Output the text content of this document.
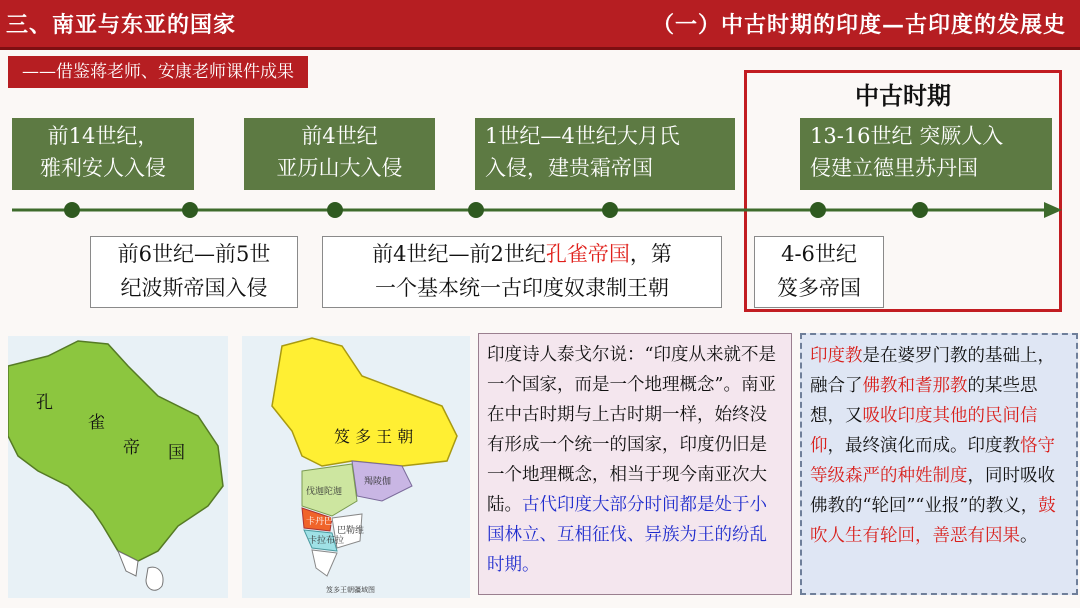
三、南亚与东亚的国家	（一）中古时期的印度—古印度的发展史
——借鉴蒋老师、安康老师课件成果
中古时期
前14世纪，
雅利安人入侵
前4世纪
亚历山大入侵
1世纪—4世纪大月氏
入侵，建贵霜帝国
13-16世纪 突厥人入
侵建立德里苏丹国
前6世纪—前5世
纪波斯帝国入侵
前4世纪—前2世纪孔雀帝国，第
一个基本统一古印度奴隶制王朝
4-6世纪
笈多帝国
孔
雀
帝 国
笈 多 王 朝
羯陵伽
伐迦陀迦
卡丹巴
卡拉布拉
巴勒维
笈多王朝疆域图
印度诗人泰戈尔说：“印度从来就不是一个国家，而是一个地理概念”。南亚在中古时期与上古时期一样，始终没有形成一个统一的国家，印度仍旧是一个地理概念，相当于现今南亚次大陆。古代印度大部分时间都是处于小国林立、互相征伐、异族为王的纷乱时期。
印度教是在婆罗门教的基础上，融合了佛教和耆那教的某些思想，又吸收印度其他的民间信仰，最终演化而成。印度教恪守等级森严的种姓制度，同时吸收佛教的“轮回”“业报”的教义，鼓吹人生有轮回，善恶有因果。
